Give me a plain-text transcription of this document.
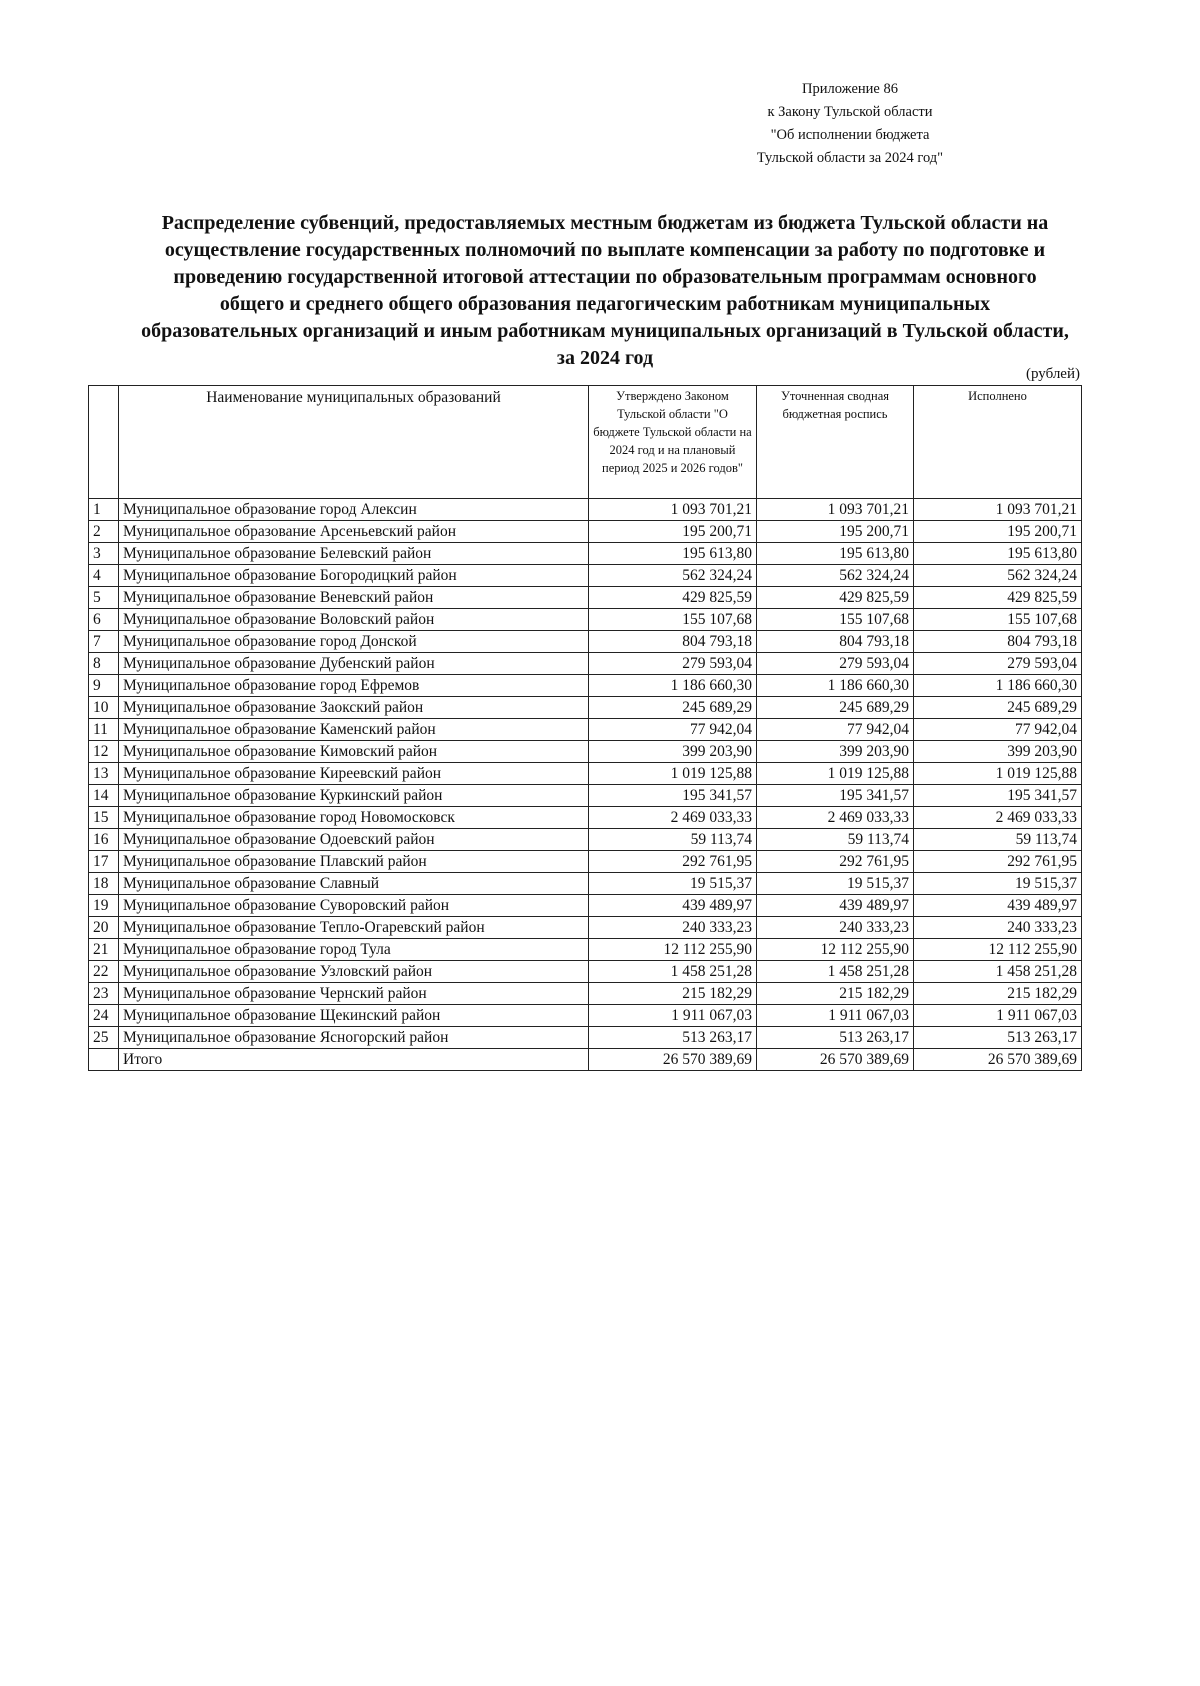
Приложение 86
к Закону Тульской области
"Об исполнении бюджета
Тульской области за 2024 год"
Распределение субвенций, предоставляемых местным бюджетам из бюджета Тульской области на
осуществление государственных полномочий по выплате компенсации за работу по подготовке и
проведению государственной итоговой аттестации по образовательным программам основного
общего и среднего общего образования педагогическим работникам муниципальных
образовательных организаций и иным работникам муниципальных организаций в Тульской области,
за 2024 год
(рублей)
	Наименование муниципальных образований	Утверждено Законом Тульской области "О бюджете Тульской области на 2024 год и на плановый период 2025 и 2026 годов"	Уточненная сводная бюджетная роспись	Исполнено
1	Муниципальное образование город Алексин	1 093 701,21	1 093 701,21	1 093 701,21
2	Муниципальное образование Арсеньевский район	195 200,71	195 200,71	195 200,71
3	Муниципальное образование Белевский район	195 613,80	195 613,80	195 613,80
4	Муниципальное образование Богородицкий район	562 324,24	562 324,24	562 324,24
5	Муниципальное образование Веневский район	429 825,59	429 825,59	429 825,59
6	Муниципальное образование Воловский район	155 107,68	155 107,68	155 107,68
7	Муниципальное образование город Донской	804 793,18	804 793,18	804 793,18
8	Муниципальное образование Дубенский район	279 593,04	279 593,04	279 593,04
9	Муниципальное образование город Ефремов	1 186 660,30	1 186 660,30	1 186 660,30
10	Муниципальное образование Заокский район	245 689,29	245 689,29	245 689,29
11	Муниципальное образование Каменский район	77 942,04	77 942,04	77 942,04
12	Муниципальное образование Кимовский район	399 203,90	399 203,90	399 203,90
13	Муниципальное образование Киреевский район	1 019 125,88	1 019 125,88	1 019 125,88
14	Муниципальное образование Куркинский район	195 341,57	195 341,57	195 341,57
15	Муниципальное образование город Новомосковск	2 469 033,33	2 469 033,33	2 469 033,33
16	Муниципальное образование Одоевский район	59 113,74	59 113,74	59 113,74
17	Муниципальное образование Плавский район	292 761,95	292 761,95	292 761,95
18	Муниципальное образование Славный	19 515,37	19 515,37	19 515,37
19	Муниципальное образование Суворовский район	439 489,97	439 489,97	439 489,97
20	Муниципальное образование Тепло-Огаревский район	240 333,23	240 333,23	240 333,23
21	Муниципальное образование город Тула	12 112 255,90	12 112 255,90	12 112 255,90
22	Муниципальное образование Узловский район	1 458 251,28	1 458 251,28	1 458 251,28
23	Муниципальное образование Чернский район	215 182,29	215 182,29	215 182,29
24	Муниципальное образование Щекинский район	1 911 067,03	1 911 067,03	1 911 067,03
25	Муниципальное образование Ясногорский район	513 263,17	513 263,17	513 263,17
	Итого	26 570 389,69	26 570 389,69	26 570 389,69
